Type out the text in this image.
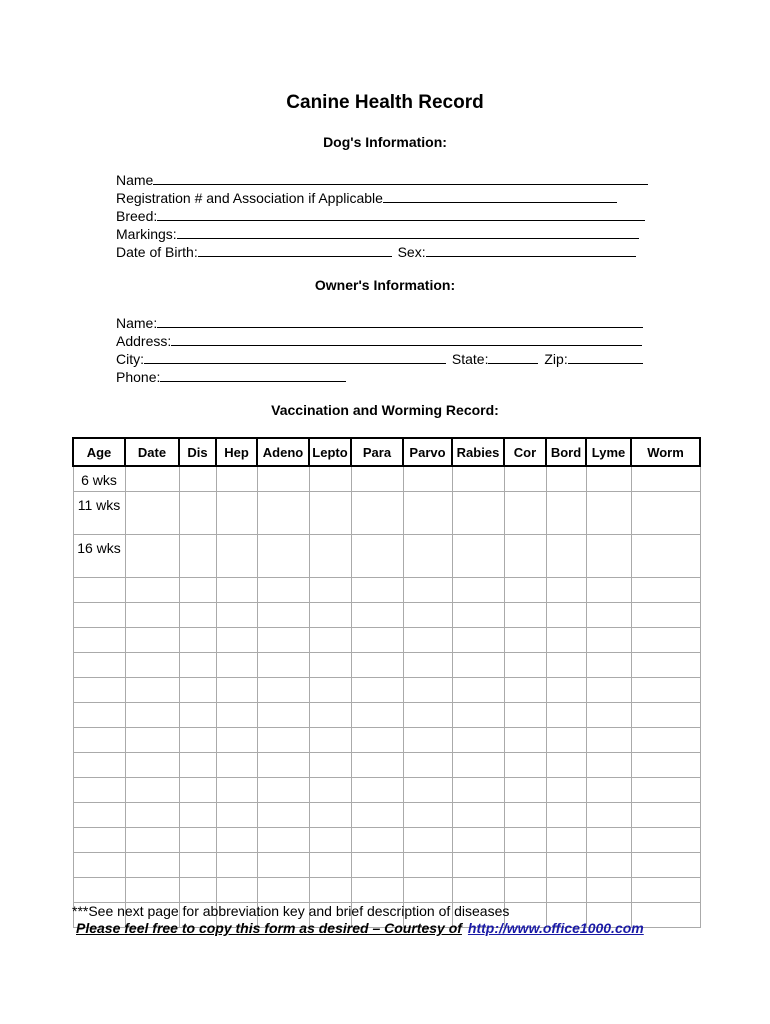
Canine Health Record
Dog's Information:
Name
Registration # and Association if Applicable
Breed:
Markings:
Date of Birth:	Sex:
Owner's Information:
Name:
Address:
City:	State:	Zip:
Phone:
Vaccination and Worming Record:
Age	Date	Dis	Hep	Adeno	Lepto	Para	Parvo	Rabies	Cor	Bord	Lyme	Worm
6 wks												
11 wks												
16 wks												

***See next page for abbreviation key and brief description of diseases
Please feel free to copy this form as desired – Courtesy of http://www.office1000.com
